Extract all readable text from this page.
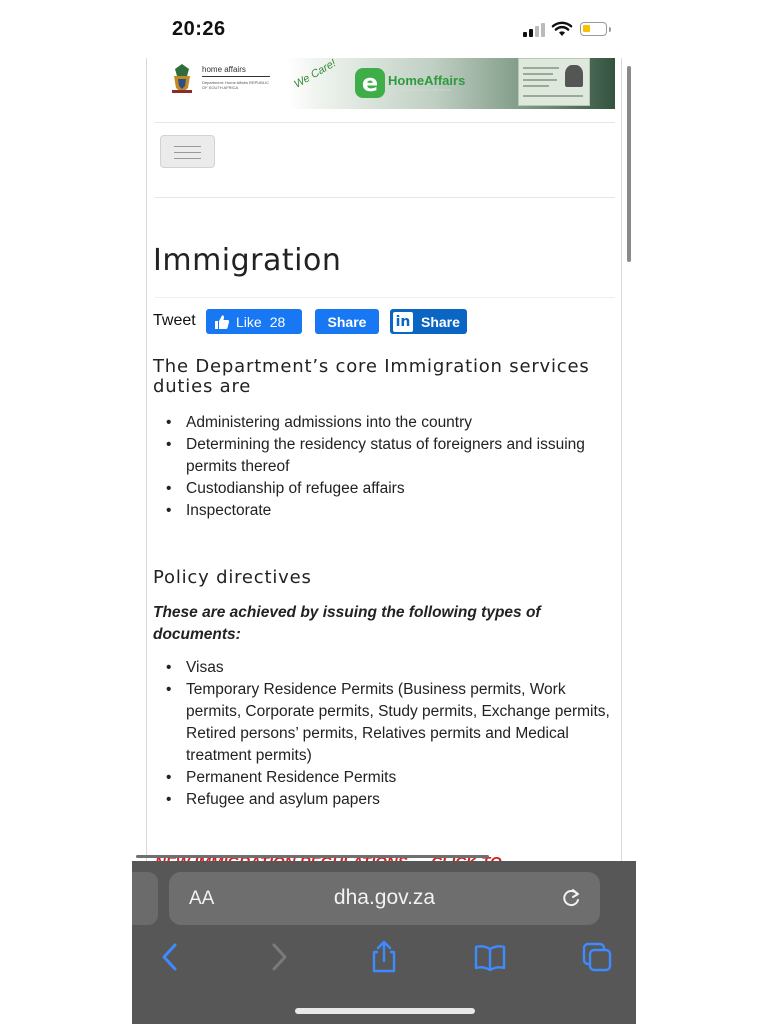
20:26
home affairs
Department: Home Affairs REPUBLIC OF SOUTH AFRICA	We Care! e HomeAffairs
easy • efficient • secure
Immigration
Tweet	Like 28	Share	in Share
The Department’s core Immigration services duties are
• Administering admissions into the country
• Determining the residency status of foreigners and issuing permits thereof
• Custodianship of refugee affairs
• Inspectorate
Policy directives
These are achieved by issuing the following types of documents:
• Visas
• Temporary Residence Permits (Business permits, Work permits, Corporate permits, Study permits, Exchange permits, Retired persons’ permits, Relatives permits and Medical treatment permits)
• Permanent Residence Permits
• Refugee and asylum papers
AA	dha.gov.za
